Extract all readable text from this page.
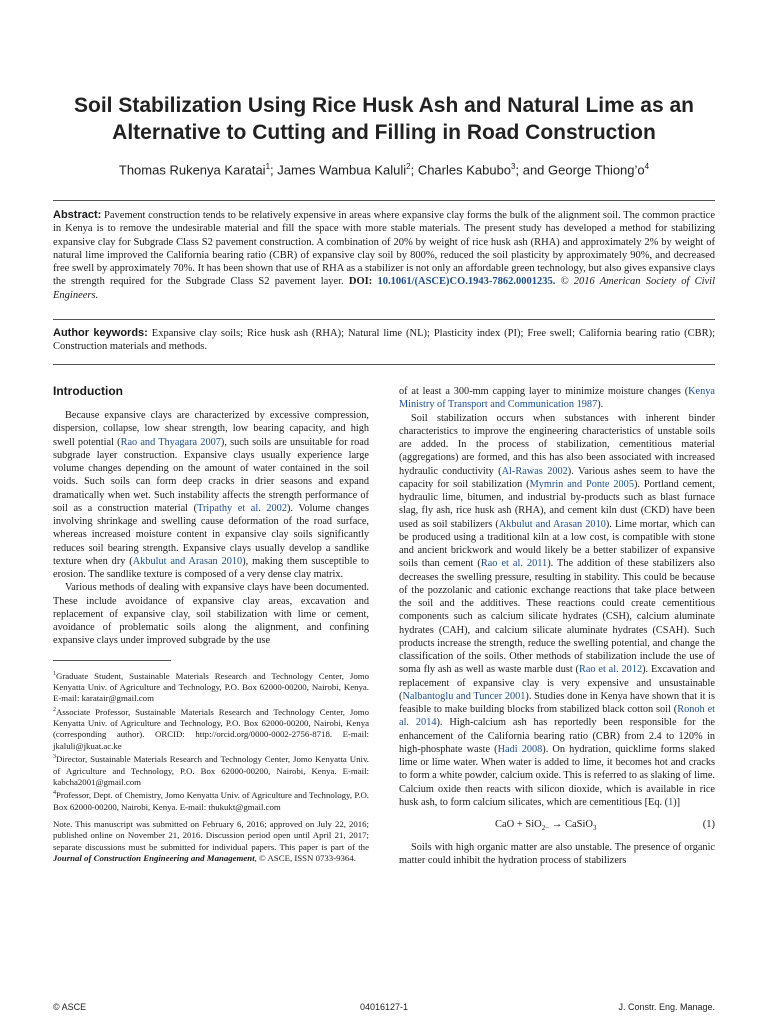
Soil Stabilization Using Rice Husk Ash and Natural Lime as an Alternative to Cutting and Filling in Road Construction
Thomas Rukenya Karatai$^1$; James Wambua Kaluli$^2$; Charles Kabubo$^3$; and George $Thiong’o^4$
Abstract: Pavement construction tends to be relatively expensive in areas where expansive clay forms the bulk of the alignment soil. The common practice in Kenya is to remove the undesirable material and fill the space with more stable materials. The present study has developed a method for stabilizing expansive clay for Subgrade Class S2 pavement construction. A combination of 20% by weight of rice husk ash (RHA) and approximately 2% by weight of natural lime improved the California bearing ratio (CBR) of expansive clay soil by 800%, reduced the soil plasticity by approximately 90%, and decreased free swell by approximately 70%. It has been shown that use of RHA as a stabilizer is not only an affordable green technology, but also gives expansive clays the strength required for the Subgrade Class S2 pavement layer. DOI: 10.1061/(ASCE)CO.1943-7862.0001235. © 2016 American Society of Civil Engineers.
Author keywords: Expansive clay soils; Rice husk ash (RHA); Natural lime (NL); Plasticity index (PI); Free swell; California bearing ratio (CBR); Construction materials and methods.
Introduction

Because expansive clays are characterized by excessive compression, dispersion, collapse, low shear strength, low bearing capacity, and high swell potential (Rao and Thyagara 2007), such soils are unsuitable for road subgrade layer construction. Expansive clays usually experience large volume changes depending on the amount of water contained in the soil voids. Such soils can form deep cracks in drier seasons and expand dramatically when wet. Such instability affects the strength performance of soil as a construction material (Tripathy et al. 2002). Volume changes involving shrinkage and swelling cause deformation of the road surface, whereas increased moisture content in expansive clay soils significantly reduces soil bearing strength. Expansive clays usually develop a sandlike texture when dry (Akbulut and Arasan 2010), making them susceptible to erosion. The sandlike texture is composed of a very dense clay matrix.

Various methods of dealing with expansive clays have been documented. These include avoidance of expansive clay areas, excavation and replacement of expansive clay, soil stabilization with lime or cement, avoidance of problematic soils along the alignment, and confining expansive clays under improved subgrade by the use

$^1$Graduate Student, Sustainable Materials Research and Technology Center, Jomo Kenyatta Univ. of Agriculture and Technology, P.O. Box 62000-00200, Nairobi, Kenya. E-mail: karatair@gmail.com

$^2$Associate Professor, Sustainable Materials Research and Technology Center, Jomo Kenyatta Univ. of Agriculture and Technology, P.O. Box 62000-00200, Nairobi, Kenya (corresponding author). ORCID: http://orcid.org/0000-0002-2756-8718. E-mail: jkaluli@jkuat.ac.ke

$^3$Director, Sustainable Materials Research and Technology Center, Jomo Kenyatta Univ. of Agriculture and Technology, P.O. Box 62000-00200, Nairobi, Kenya. E-mail: kabcha2001@gmail.com

$^4$Professor, Dept. of Chemistry, Jomo Kenyatta Univ. of Agriculture and Technology, P.O. Box 62000-00200, Nairobi, Kenya. E-mail: thukukt@gmail.com

Note. This manuscript was submitted on February 6, 2016; approved on July 22, 2016; published online on November 21, 2016. Discussion period open until April 21, 2017; separate discussions must be submitted for individual papers. This paper is part of the Journal of Construction Engineering and Management, © ASCE, ISSN 0733-9364.

of at least a 300-mm capping layer to minimize moisture changes (Kenya Ministry of Transport and Communication 1987).

Soil stabilization occurs when substances with inherent binder characteristics to improve the engineering characteristics of unstable soils are added. In the process of stabilization, cementitious material (aggregations) are formed, and this has also been associated with increased hydraulic conductivity (Al-Rawas 2002). Various ashes seem to have the capacity for soil stabilization (Mymrin and Ponte 2005). Portland cement, hydraulic lime, bitumen, and industrial by-products such as blast furnace slag, fly ash, rice husk ash (RHA), and cement kiln dust (CKD) have been used as soil stabilizers (Akbulut and Arasan 2010). Lime mortar, which can be produced using a traditional kiln at a low cost, is compatible with stone and ancient brickwork and would likely be a better stabilizer of expansive soils than cement (Rao et al. 2011). The addition of these stabilizers also decreases the swelling pressure, resulting in stability. This could be because of the pozzolanic and cationic exchange reactions that take place between the soil and the additives. These reactions could create cementitious components such as calcium silicate hydrates (CSH), calcium aluminate hydrates (CAH), and calcium silicate aluminate hydrates (CSAH). Such products increase the strength, reduce the swelling potential, and change the classification of the soils. Other methods of stabilization include the use of soma fly ash as well as waste marble dust (Rao et al. 2012). Excavation and replacement of expansive clay is very expensive and unsustainable (Nalbantoglu and Tuncer 2001). Studies done in Kenya have shown that it is feasible to make building blocks from stabilized black cotton soil (Ronoh et al. 2014). High-calcium ash has reportedly been responsible for the enhancement of the California bearing ratio (CBR) from 2.4 to 120% in high-phosphate waste (Hadi 2008). On hydration, quicklime forms slaked lime or lime water. When water is added to lime, it becomes hot and cracks to form a white powder, calcium oxide. This is referred to as slaking of lime. Calcium oxide then reacts with silicon dioxide, which is available in rice husk ash, to form calcium silicates, which are cementitious [Eq. (1)]

CaO + SiO$_{2-}$ → CaSiO$_3$	(1)

Soils with high organic matter are also unstable. The presence of organic matter could inhibit the hydration process of stabilizers

© ASCE	04016127-1	J. Constr. Eng. Manage.
